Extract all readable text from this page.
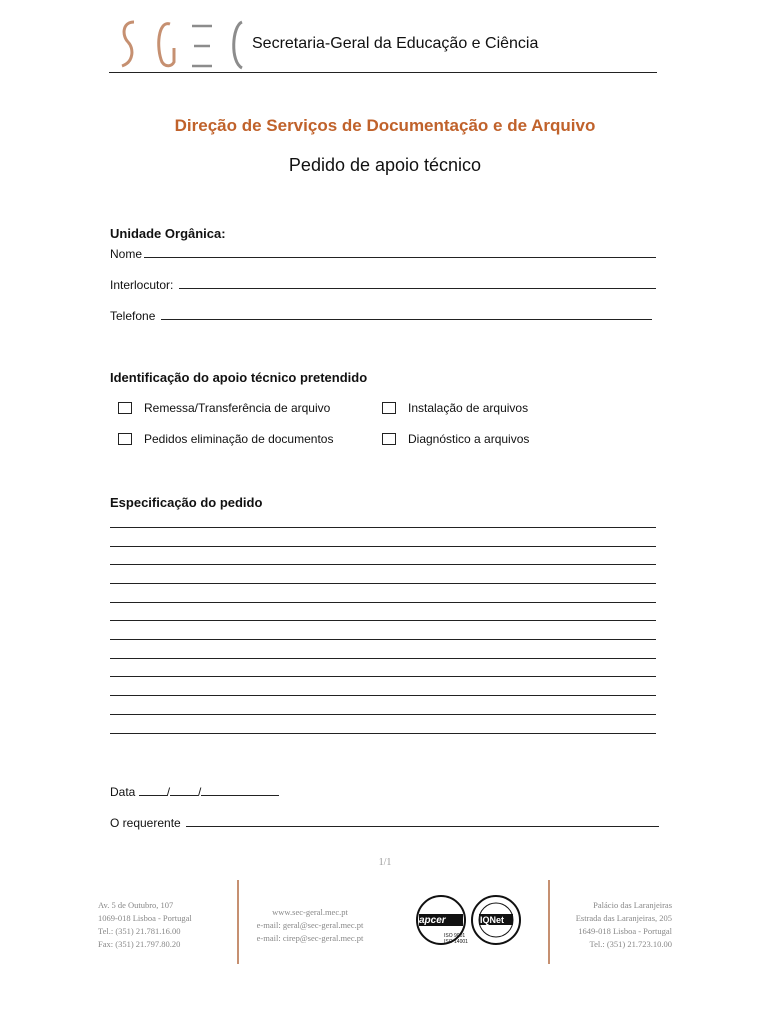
Secretaria-Geral da Educação e Ciência
Direção de Serviços de Documentação e de Arquivo
Pedido de apoio técnico
Unidade Orgânica:
Nome
Interlocutor:
Telefone
Identificação do apoio técnico pretendido
Remessa/Transferência de arquivo	Instalação de arquivos
Pedidos eliminação de documentos	Diagnóstico a arquivos
Especificação do pedido
Data / /
O requerente
1/1
Av. 5 de Outubro, 107
1069-018 Lisboa - Portugal
Tel.: (351) 21.781.16.00
Fax: (351) 21.797.80.20
www.sec-geral.mec.pt
e-mail: geral@sec-geral.mec.pt
e-mail: cirep@sec-geral.mec.pt
apcer
ISO 9001
ISO 14001
IQNet
Palácio das Laranjeiras
Estrada das Laranjeiras, 205
1649-018 Lisboa - Portugal
Tel.: (351) 21.723.10.00
